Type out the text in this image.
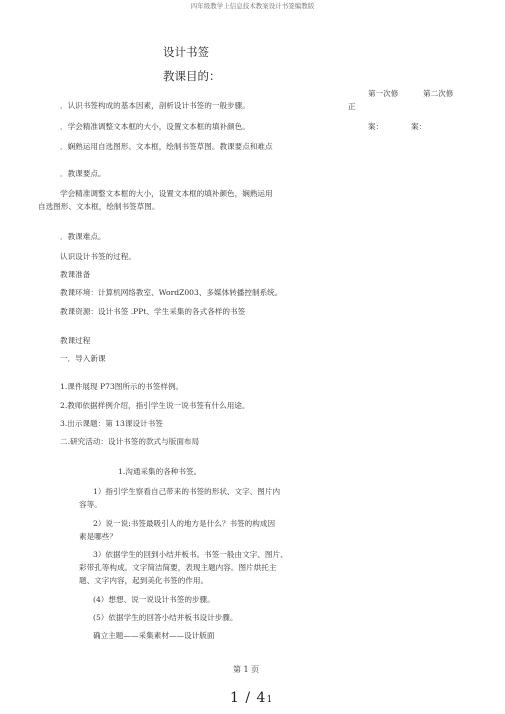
四年级教学上信息技术教案设计书签编教版
设计书签
教课目的：
第一次修	第二次修
正
案：	案：
．认识书签构成的基本因素，剖析设计书签的一般步骤。
．学会精准调整文本框的大小，设置文本框的填补颜色。
．娴熟运用自选图形、文本框，绘制书签草图。教课要点和难点
．教课要点。
学会精准调整文本框的大小，设置文本框的填补颜色，娴熟运用
自选图形、文本框，绘制书签草图。
．教课难点。
认识设计书签的过程。
教课准备
教课环境：计算机网络教室、WordZ003、多媒体转播控制系统。
教课资源：设计书签 .PPt、学生采集的各式各样的书签
教课过程
一．导入新课
1.课件展现 P73图所示的书签样例。
2.教师依据样例介绍，指引学生说一说书签有什么用途。
3.出示课题：第 13课设计书签
二.研究活动：设计书签的款式与版面布局
1.沟通采集的各种书签。
1）指引学生察看自己带来的书签的形状、文字、图片内
容等。
2）说一说:书签最吸引人的地方是什么？书签的构成因
素是哪些？
3）依据学生的回到小结并板书。书签一般由文字、图片、
彩带孔等构成。文字简洁简要，表现主题内容。图片烘托主
题、文字内容，起到美化书签的作用。
(4）想想、说一说设计书签的步骤。
(5）依据学生的回答小结并板书设计步骤。
确立主题——采集素材——设计版面
第 1 页
1 / 41
